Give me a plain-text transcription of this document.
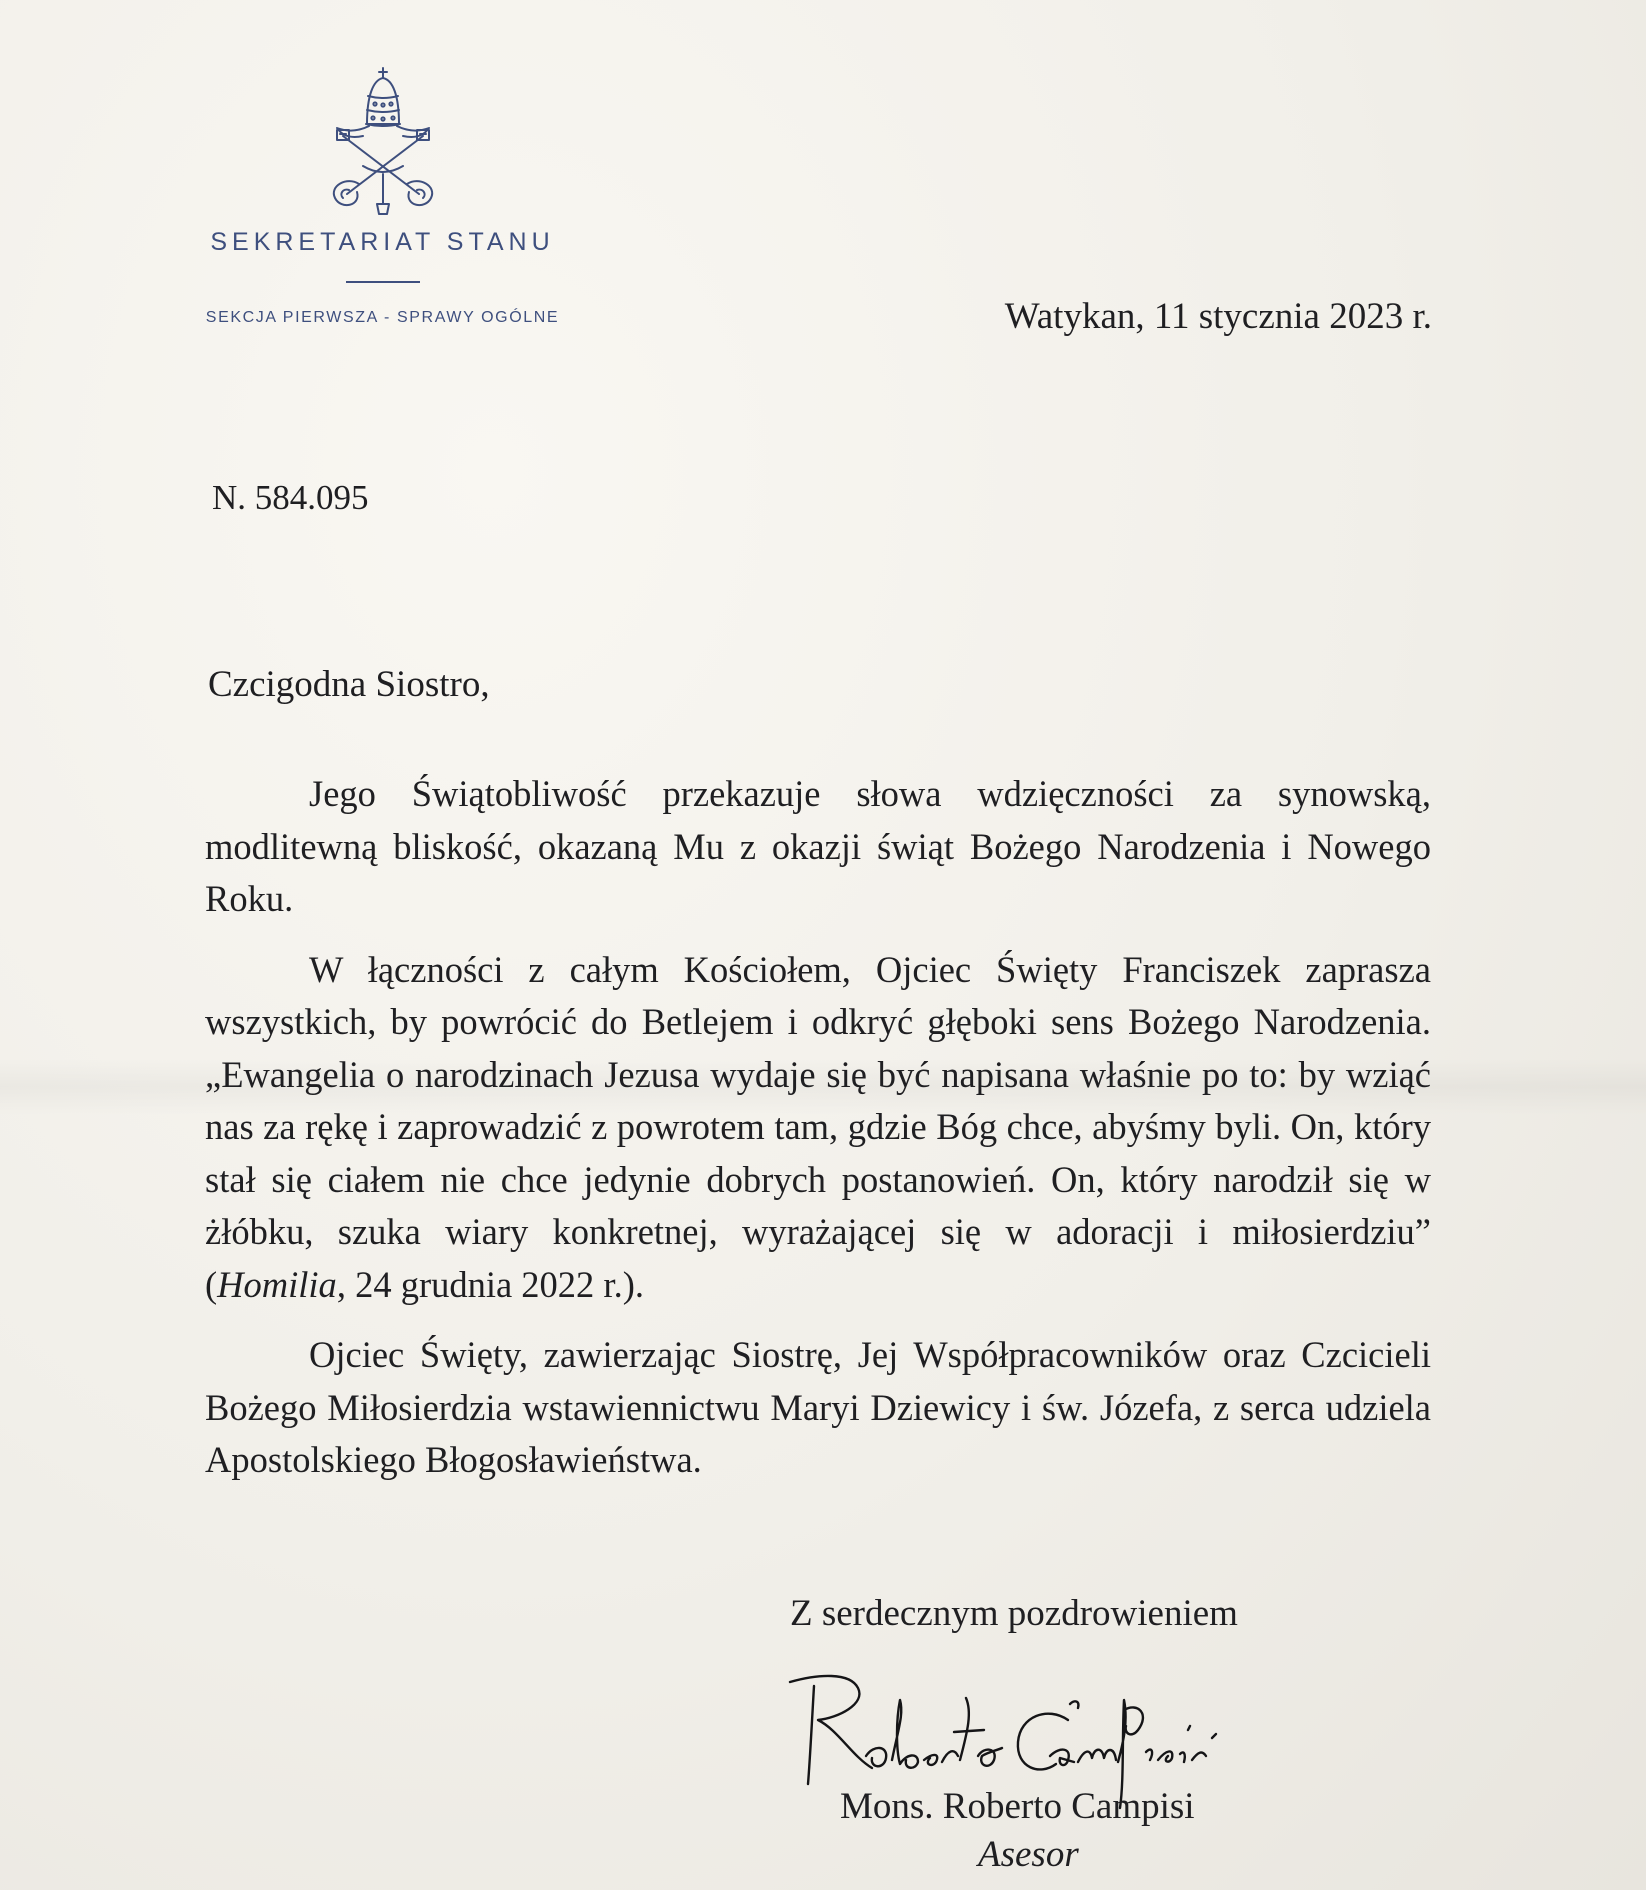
SEKRETARIAT STANU
SEKCJA PIERWSZA - SPRAWY OGÓLNE	Watykan, 11 stycznia 2023 r.
N. 584.095
Czcigodna Siostro,

Jego Świątobliwość przekazuje słowa wdzięczności za synowską, modlitewną bliskość, okazaną Mu z okazji świąt Bożego Narodzenia i Nowego Roku.

W łączności z całym Kościołem, Ojciec Święty Franciszek zaprasza wszystkich, by powrócić do Betlejem i odkryć głęboki sens Bożego Narodzenia. „Ewangelia o narodzinach Jezusa wydaje się być napisana właśnie po to: by wziąć nas za rękę i zaprowadzić z powrotem tam, gdzie Bóg chce, abyśmy byli. On, który stał się ciałem nie chce jedynie dobrych postanowień. On, który narodził się w żłóbku, szuka wiary konkretnej, wyrażającej się w adoracji i miłosierdziu” (Homilia, 24 grudnia 2022 r.).

Ojciec Święty, zawierzając Siostrę, Jej Współpracowników oraz Czcicieli Bożego Miłosierdzia wstawiennictwu Maryi Dziewicy i św. Józefa, z serca udziela Apostolskiego Błogosławieństwa.

Z serdecznym pozdrowieniem
Mons. Roberto Campisi
Asesor
